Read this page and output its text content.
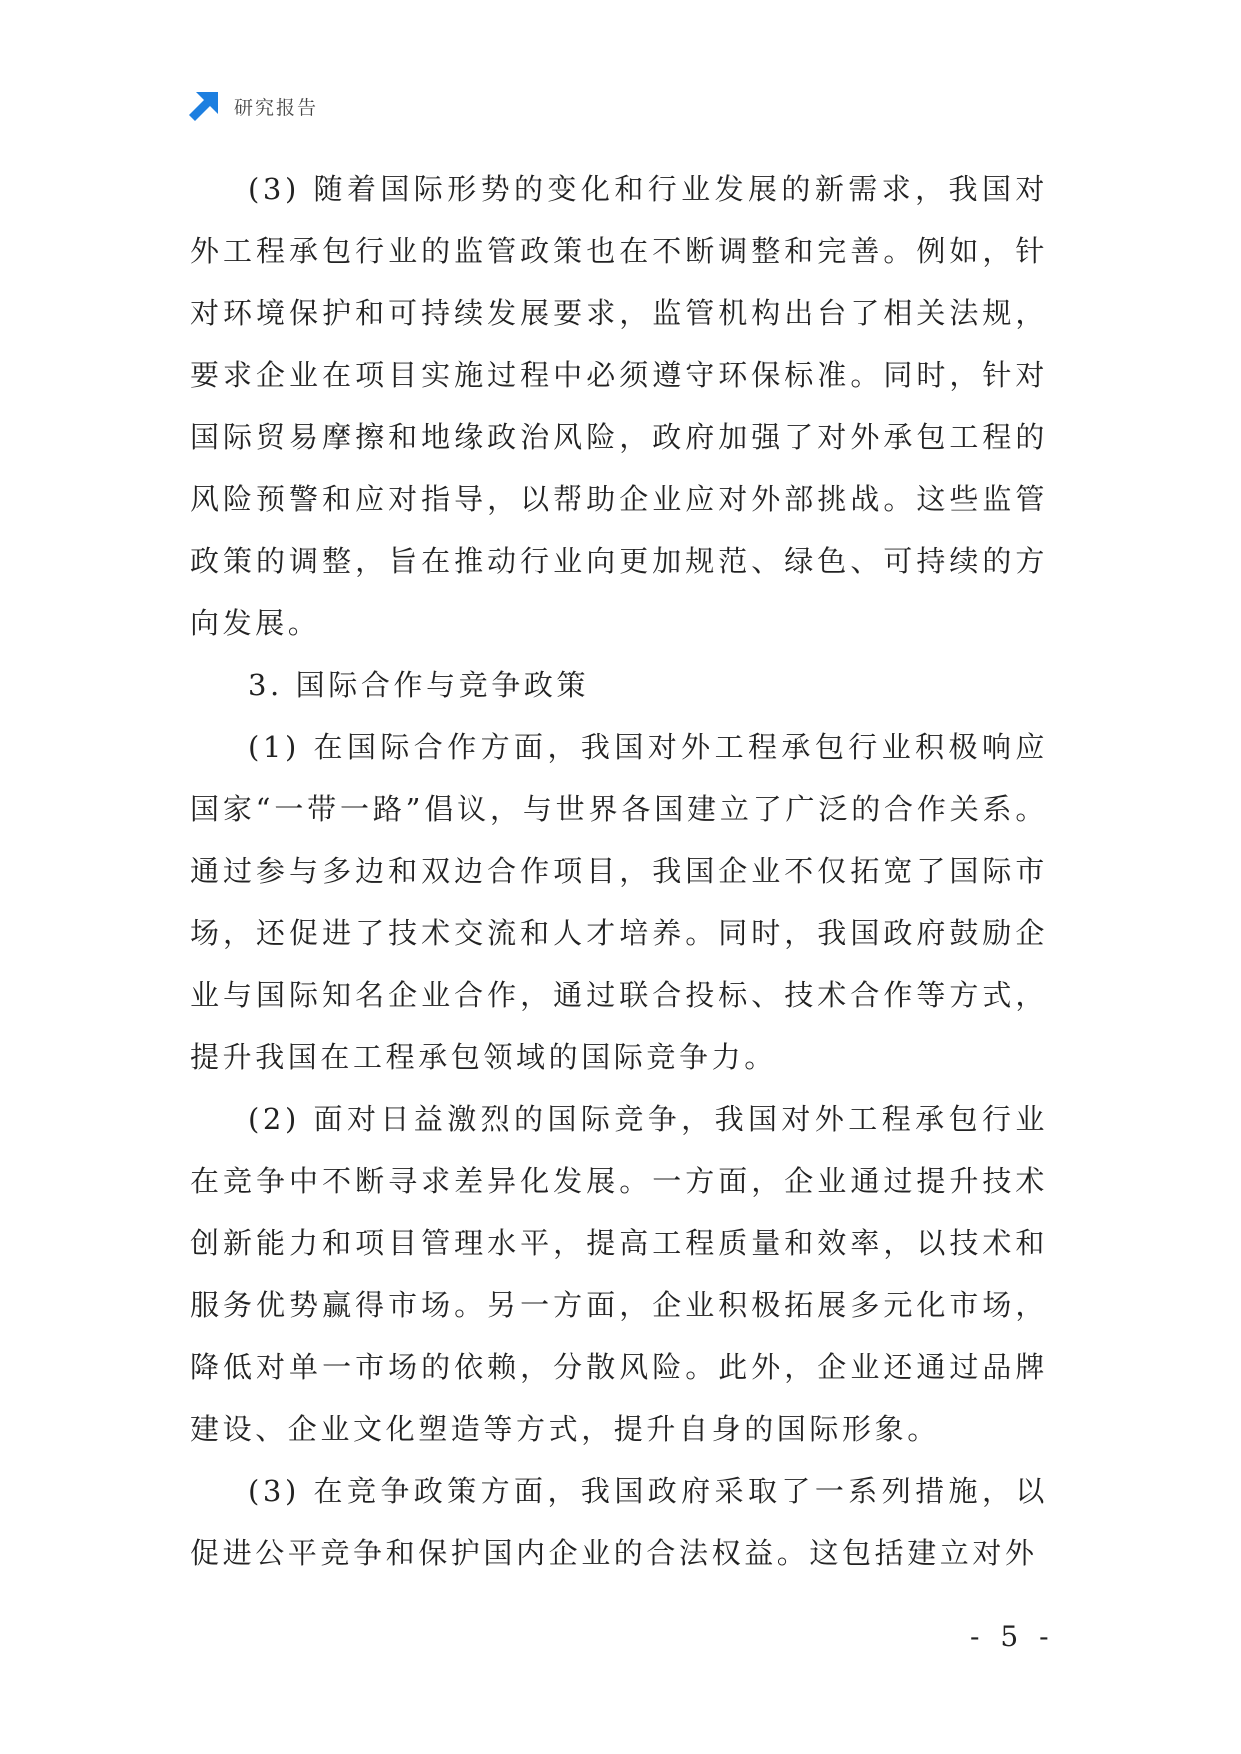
研究报告

(3) 随着国际形势的变化和行业发展的新需求，我国对外工程承包行业的监管政策也在不断调整和完善。例如，针对环境保护和可持续发展要求，监管机构出台了相关法规，要求企业在项目实施过程中必须遵守环保标准。同时，针对国际贸易摩擦和地缘政治风险，政府加强了对外承包工程的风险预警和应对指导，以帮助企业应对外部挑战。这些监管政策的调整，旨在推动行业向更加规范、绿色、可持续的方向发展。

3. 国际合作与竞争政策

(1) 在国际合作方面，我国对外工程承包行业积极响应国家“一带一路”倡议，与世界各国建立了广泛的合作关系。通过参与多边和双边合作项目，我国企业不仅拓宽了国际市场，还促进了技术交流和人才培养。同时，我国政府鼓励企业与国际知名企业合作，通过联合投标、技术合作等方式，提升我国在工程承包领域的国际竞争力。

(2) 面对日益激烈的国际竞争，我国对外工程承包行业在竞争中不断寻求差异化发展。一方面，企业通过提升技术创新能力和项目管理水平，提高工程质量和效率，以技术和服务优势赢得市场。另一方面，企业积极拓展多元化市场，降低对单一市场的依赖，分散风险。此外，企业还通过品牌建设、企业文化塑造等方式，提升自身的国际形象。

(3) 在竞争政策方面，我国政府采取了一系列措施，以促进公平竞争和保护国内企业的合法权益。这包括建立对外

- 5 -
